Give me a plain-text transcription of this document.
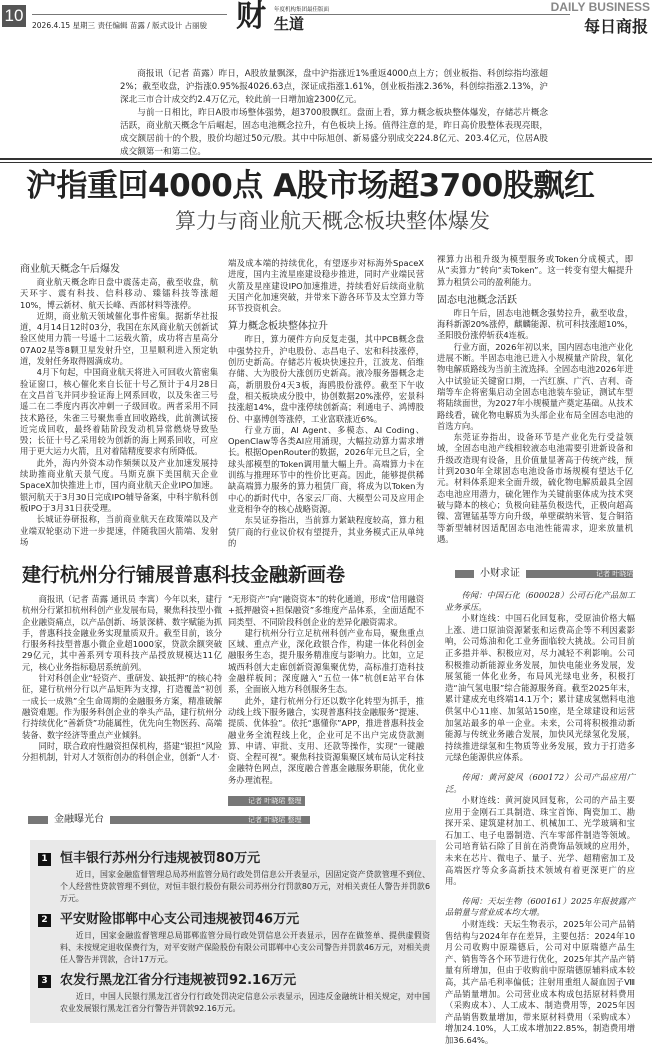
10
2026.4.15 星期三 责任编辑 苗露 / 版式设计 占丽骏 财 年度机构集团最佳版面
生道
DAILY BUSINESS
每日商报

商报讯（记者 苗露）昨日，A股放量飘深，盘中沪指涨近1%重返4000点上方；创业板指、科创综指均涨超2%；截至收盘，沪指涨0.95%报4026.63点，深证成指涨1.61%，创业板指涨2.36%，科创综指涨2.13%，沪深北三市合计成交约2.4万亿元，较此前一日增加逾2300亿元。

与前一日相比，昨日A股市场整体强势，超3700股飘红。盘面上看，算力概念板块整体爆发，存储芯片概念活跃，商业航天概念午后崛起，固态电池概念拉升，有色板块上扬。值得注意的是，昨日高价股整体表现亮眼，成交额居前十的个股，股价均超过50元/股。其中中际旭创、新易盛分别成交224.8亿元、203.4亿元，位居A股成交额第一和第二位。

沪指重回4000点 A股市场超3700股飘红
算力与商业航天概念板块整体爆发
商业航天概念午后爆发

商业航天概念昨日盘中震荡走高，截至收盘，航天环宇、震有科技、信科移动、臻镭科技等涨超10%，博云新材、航天长峰、西部材料等涨停。

近期，商业航天领域催化事件密集。据新华社报道，4月14日12时03分，我国在东风商业航天创新试验区使用力箭一号遥十二运载火箭，成功将吉星高分07A02星等8颗卫星发射升空，卫星顺利进入预定轨道，发射任务取得圆满成功。

4月下旬起，中国商业航天将进入可回收火箭密集验证窗口，核心催化来自长征十号乙预计于4月28日在文昌首飞并同步验证海上网系回收，以及朱雀三号遥二在二季度内再次冲刺一子级回收。两者采用不同技术路径，朱雀三号聚焦垂直回收路线，此前测试接近完成回收，最终着陆阶段发动机异常燃烧导致坠毁；长征十号乙采用较为创新的海上网系回收，可应用于更大运力火箭，且对着陆精度要求有所降低。

此外，海内外资本动作频频以及产业加速发展持续助推商业航天景气度。马斯克旗下美国航天企业SpaceX加快推进上市，国内商业航天企业IPO加速。银河航天于3月30日完成IPO辅导备案，中科宇航科创板IPO于3月31日获受理。

长城证券研报称，当前商业航天在政策端以及产业端双轮驱动下进一步提速，伴随我国火箭端、发射场

端及成本端的持续优化，有望逐步对标海外SpaceX进度，国内主流星座建设稳步推进，同时产业端民营火箭及星座建设IPO加速推进，持续看好后续商业航天国产化加速突破，并带来下游各环节及太空算力等环节投资机会。

算力概念板块整体拉升

昨日，算力硬件方向反复走强，其中PCB概念盘中强势拉升，沪电股份、志昌电子、宏和科技涨停，创历史新高。存储芯片板块快速拉升，江波龙、佰维存储、大为股份大涨创历史新高。液冷服务器概念走高，新朋股份4天3板，海鸥股份涨停。截至下午收盘，相关板块成分股中，协创数据20%涨停，宏景科技涨超14%，盘中涨停续创新高；利通电子、鸿博股份、中嘉博创等涨停，工业富联涨近6%。

行业方面，AI Agent、多模态、AI Coding、OpenClaw等各类AI应用涌现，大幅拉动算力需求增长。根据OpenRouter的数据，2026年元旦之后，全球头部模型的Token调用量大幅上升。高端算力卡在训练与推理环节中的性价比更高。因此，能够提供稀缺高端算力服务的算力租赁厂商，将成为以Token为中心的新时代中，各家云厂商、大模型公司及应用企业竞相争夺的核心战略资源。

东吴证券指出，当前算力紧缺程度较高，算力租赁厂商的行业议价权有望提升，其业务模式正从单纯的

裸算力出租升级为模型服务或Token分成模式，即从“卖算力”转向“卖Token”。这一转变有望大幅提升算力租赁公司的盈利能力。

固态电池概念活跃

昨日午后，固态电池概念强势拉升，截至收盘，海科新源20%涨停，麒麟能源、杭可科技涨超10%，圣阳股份涨停斩获4连板。

行业方面，2026年初以来，国内固态电池产业化进展不断。半固态电池已进入小规模量产阶段，氧化物电解质路线为当前主流选择。全固态电池2026年进入中试验证关键窗口期，一汽红旗、广汽、吉利、奇瑞等车企将密集启动全固态电池装车验证，测试车型将陆续面世，为2027年小规模量产奠定基础。从技术路线看，硫化物电解质为头部企业布局全固态电池的首选方向。

东莞证券指出，设备环节是产业化先行受益领域，全固态电池产线相较液态电池需要引进新设备和升级改造现有设备，且价值量显著高于传统产线，预计到2030年全球固态电池设备市场规模有望达千亿元。材料体系迎来全面升级，硫化物电解质最具全固态电池应用潜力，硫化锂作为关键前驱体成为技术突破与降本的核心；负极向硅基负极迭代，正极向超高镍、富锂锰基等方向升级，单壁碳纳米管、复合铜箔等新型辅材因适配固态电池性能需求，迎来放量机遇。

建行杭州分行铺展普惠科技金融新画卷

商报讯（记者 苗露 通讯员 李寓）今年以来，建行杭州分行紧扣杭州科创产业发展布局，聚焦科技型小微企业融资痛点，以产品创新、场景深耕、数字赋能为抓手，普惠科技金融业务实现量质双升。截至目前，该分行服务科技型普惠小微企业超1000家，贷款余额突破29亿元，其中善系列专项科技产品授放规模达11亿元，核心业务指标稳居系统前列。

针对科创企业“轻资产、重研发、缺抵押”的核心特征，建行杭州分行以产品矩阵为支撑，打造覆盖“初创一成长一成熟”全生命周期的金融服务方案，精准破解融资难题。作为服务科创企业的拳头产品，建行杭州分行持续优化“善新贷”功能属性，优先向生物医药、高端装备、数字经济等重点产业倾斜。

同时，联合政府性融资担保机构，搭建“银担”风险分担机制，针对人才领衔创办的科创企业，创新“人才·

“无形资产”向“融资资本”的转化通道，形成“信用融资+抵押融资+担保融资”多维度产品体系，全面适配不同类型、不同阶段科创企业的差异化融资需求。

建行杭州分行立足杭州科创产业布局，聚焦重点区域、重点产业，深化政银合作，构建一体化科创金融服务生态，提升服务精准度与影响力。比如，立足城西科创大走廊创新资源集聚优势，高标准打造科技金融样板间；深度融入“五位一体”杭创E站平台体系，全面嵌入地方科创服务生态。

此外，建行杭州分行还以数字化转型为抓手，推动线上线下服务融合，实现普惠科技金融服务“提速、提质、优体验”。依托“惠懂你”APP，推进普惠科技金融业务全流程线上化，企业可足不出户完成贷款测算、申请、审批、支用、还款等操作，实现“一键融资、全程可视”。聚焦科技资源集聚区域布局认定科技金融特色网点，深度融合普惠金融服务职能，优化业务办理流程。

记者 叶晓珺 整理
金融曝光台	记者 叶晓珺 整理
1 恒丰银行苏州分行违规被罚80万元

近日，国家金融监督管理总局苏州监管分局行政处罚信息公开表显示，因固定资产贷款管理不到位、个人经营性贷款管理不到位，对恒丰银行股份有限公司苏州分行罚款80万元，对相关责任人警告并罚款6万元。

2 平安财险邯郸中心支公司违规被罚46万元

近日，国家金融监督管理总局邯郸监管分局行政处罚信息公开表显示，因存在做签单、提供虚假资料、未按规定退收保费行为，对平安财产保险股份有限公司邯郸中心支公司警告并罚款46万元，对相关责任人警告并罚款，合计17万元。

3 农发行黑龙江省分行违规被罚92.16万元

近日，中国人民银行黑龙江省分行行政处罚决定信息公示表显示，因违反金融统计相关规定，对中国农业发展银行黑龙江省分行警告并罚款92.16万元。

小财求证	记者 叶晓珺

传闻：中国石化（600028）公司石化产品加工业务承压。

小财连线：中国石化回复称，受原油价格大幅上涨、进口原油资源紧张和运费高企等不利因素影响，公司炼油和化工业务面临较大挑战。公司目前正多措并举、积极应对，尽力减轻不利影响。公司积极推动新能源业务发展，加快电能业务发展，发展氢能一体化业务，布局风光绿电业务，积极打造“油气氢电服”综合能源服务商。截至2025年末，累计建成充电终端14.1万个；累计建成氢燃料电池供氢中心11座、加氢站150座，是全球建设和运营加氢站最多的单一企业。未来，公司将积极推动新能源与传统业务融合发展，加快风光绿氢化发展，持续推进绿氢和生物质等业务发展，致力于打造多元绿色能源供应体系。

传闻：黄河旋风（600172）公司产品应用广泛。

小财连线：黄河旋风回复称，公司的产品主要应用于金刚石工具制造、珠宝首饰、陶瓷加工、勘探开采、建筑建材加工、机械加工、光学玻璃和宝石加工、电子电器制造、汽车零部件制造等领域。公司培育钻石除了目前在消费饰品领域的应用外，未来在芯片、微电子、量子、光学、超精密加工及高端医疗等众多高新技术领域有着更深更广的应用。

传闻：天坛生物（600161）2025年报披露产品销量与营业成本均大增。

小财连线：天坛生物表示，2025年公司产品销售结构与2024年存在差异，主要包括：2024年10月公司收购中原瑞德后，公司对中原瑞德产品生产、销售等各个环节进行优化，2025年其产品产销量有所增加，但由于收购前中原瑞德原辅料成本较高，其产品毛利率偏低；注射用重组人凝血因子Ⅷ产品销量增加。公司营业成本构成包括原材料费用（采购成本）、人工成本、制造费用等，2025年因产品销售数量增加，带来原材料费用（采购成本）增加24.10%，人工成本增加22.85%，制造费用增加36.64%。
